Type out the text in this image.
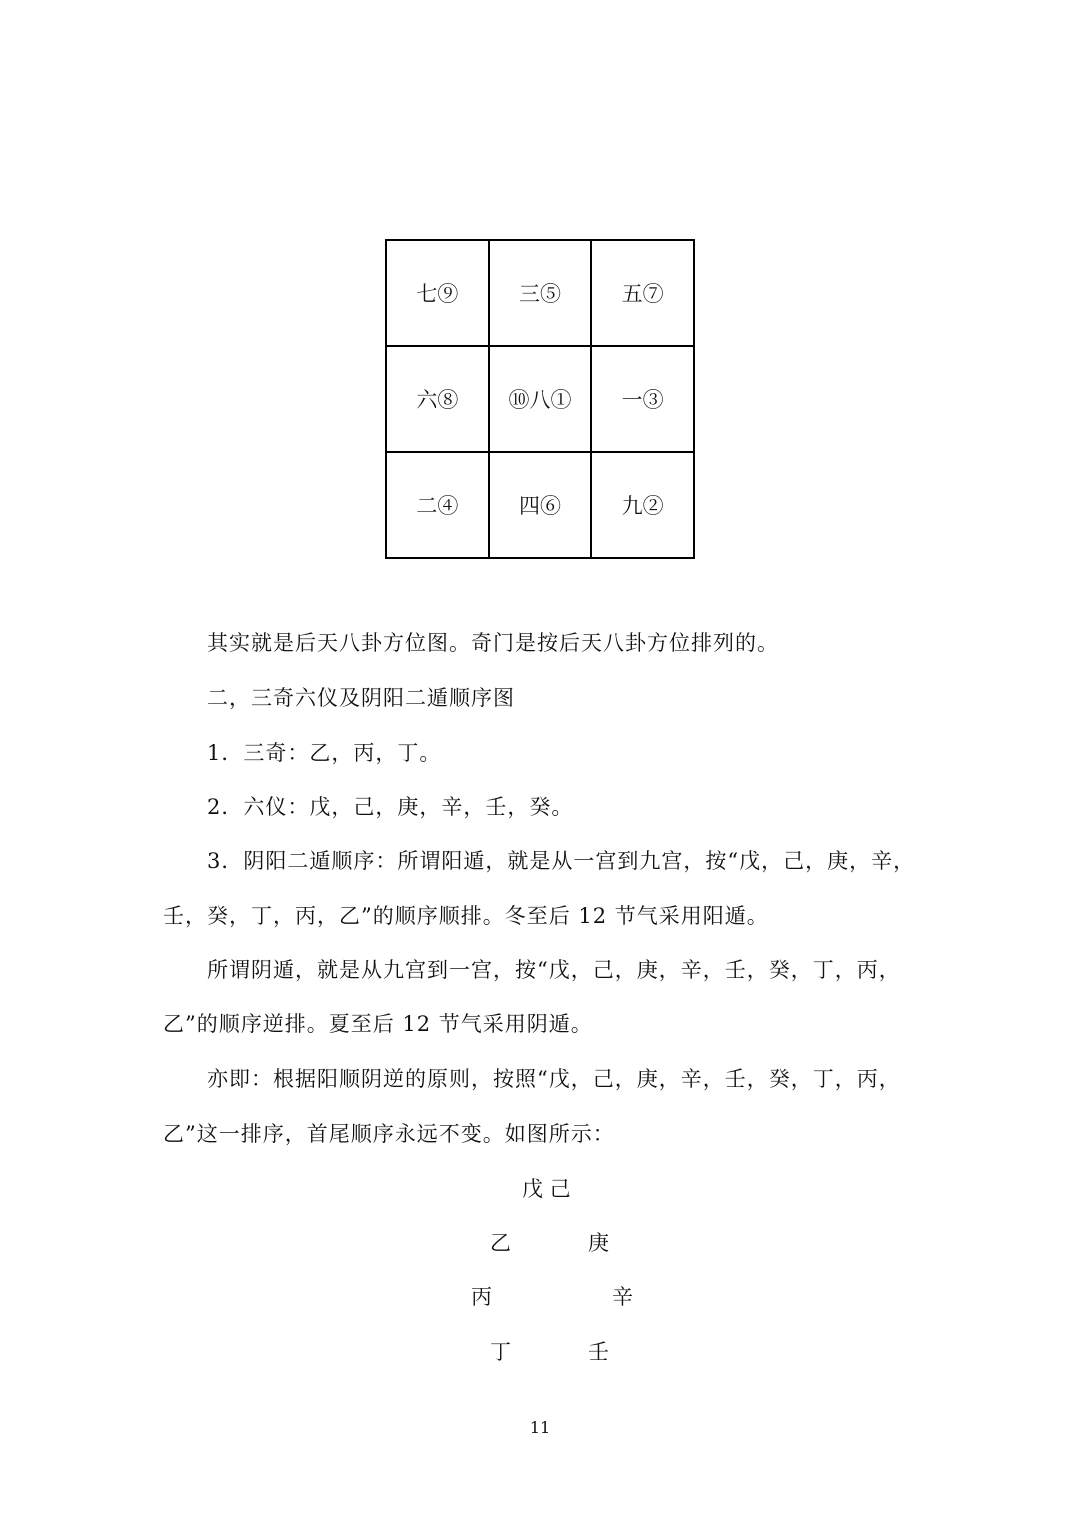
七⑨	三⑤	五⑦
六⑧	⑩八①	一③
二④	四⑥	九②
其实就是后天八卦方位图。奇门是按后天八卦方位排列的。
二，三奇六仪及阴阳二遁顺序图
1．三奇：乙，丙，丁。
2．六仪：戊，己，庚，辛，壬，癸。
3．阴阳二遁顺序：所谓阳遁，就是从一宫到九宫，按“戊，己，庚，辛，
壬，癸，丁，丙，乙”的顺序顺排。冬至后 12 节气采用阳遁。
所谓阴遁，就是从九宫到一宫，按“戊，己，庚，辛，壬，癸，丁，丙，
乙”的顺序逆排。夏至后 12 节气采用阴遁。
亦即：根据阳顺阴逆的原则，按照“戊，己，庚，辛，壬，癸，丁，丙，
乙”这一排序，首尾顺序永远不变。如图所示：
戊 己
乙	庚
丙	辛
丁	壬
11
